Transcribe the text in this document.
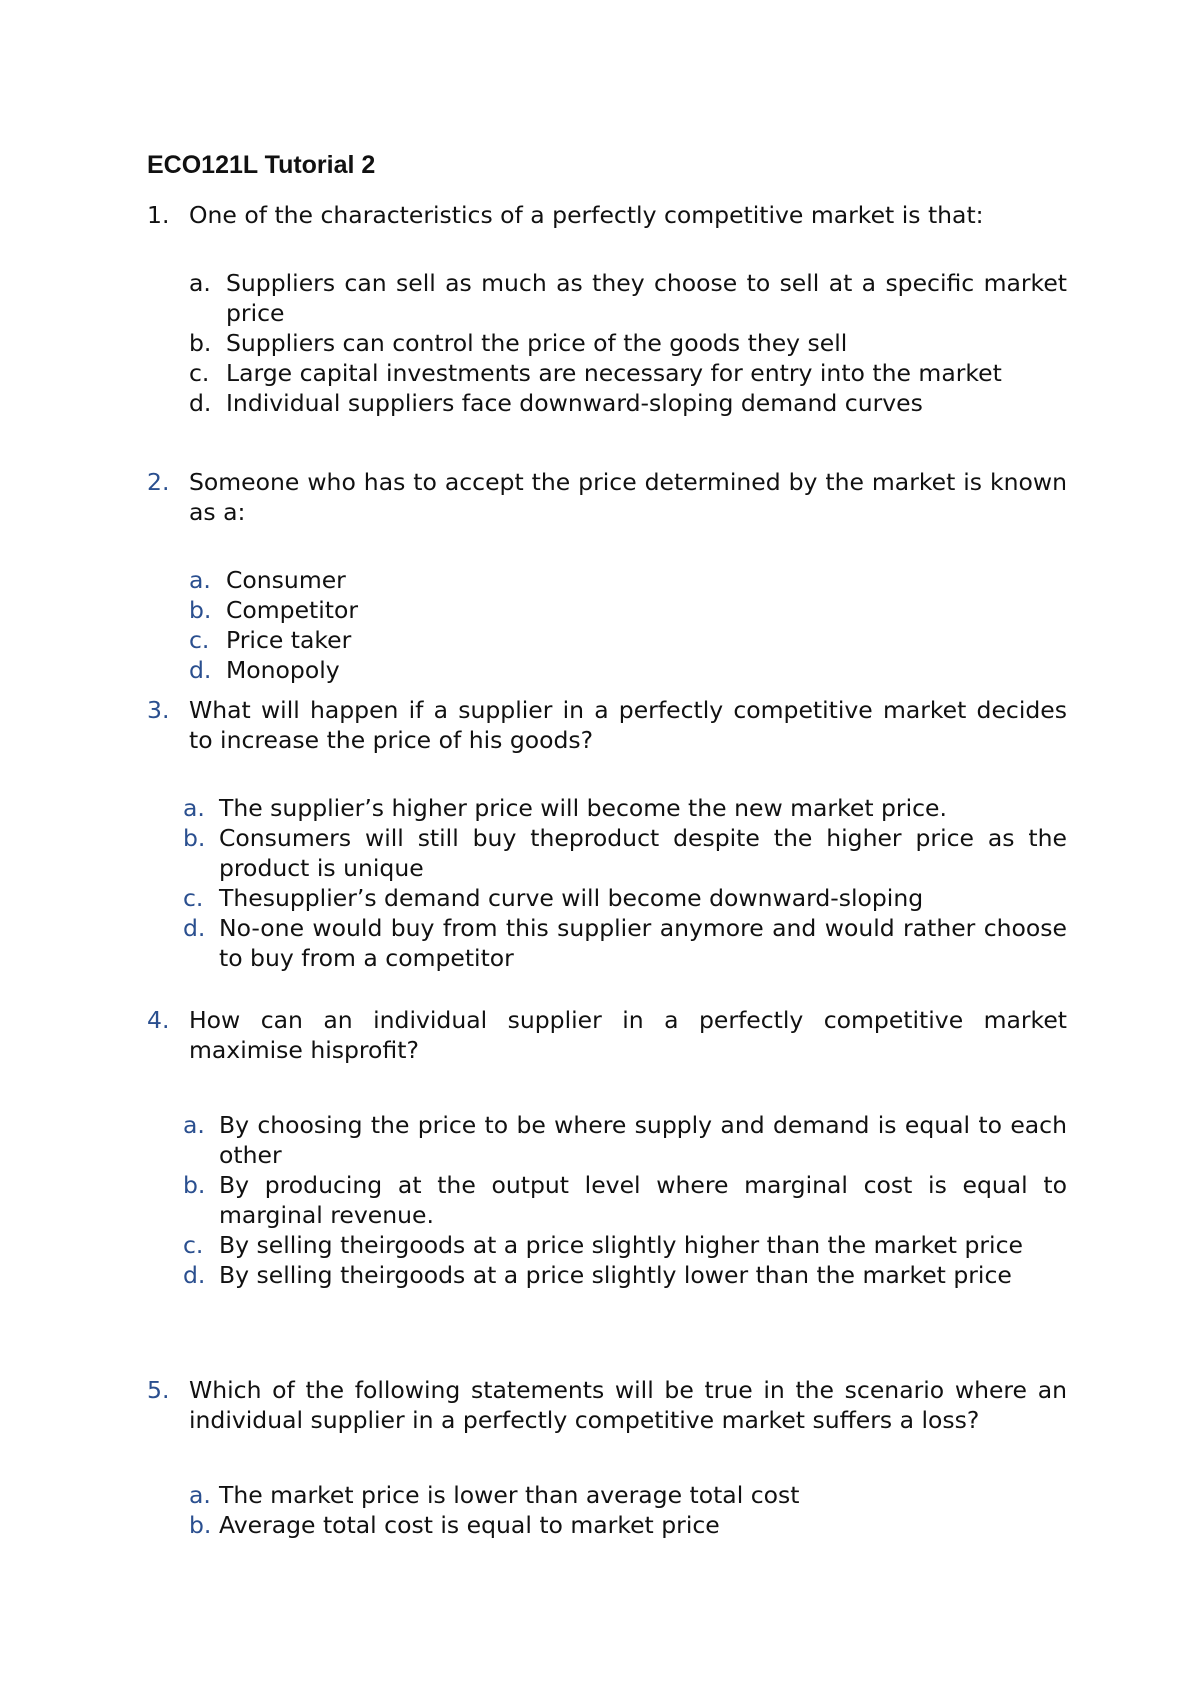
ECO121L Tutorial 2
1. One of the characteristics of a perfectly competitive market is that:
a. Suppliers can sell as much as they choose to sell at a specific market price
b. Suppliers can control the price of the goods they sell
c. Large capital investments are necessary for entry into the market
d. Individual suppliers face downward-sloping demand curves
2. Someone who has to accept the price determined by the market is known as a:
a. Consumer
b. Competitor
c. Price taker
d. Monopoly
3. What will happen if a supplier in a perfectly competitive market decides to increase the price of his goods?
a. The supplier’s higher price will become the new market price.
b. Consumers will still buy theproduct despite the higher price as the product is unique
c. Thesupplier’s demand curve will become downward-sloping
d. No-one would buy from this supplier anymore and would rather choose to buy from a competitor
4. How can an individual supplier in a perfectly competitive market maximise hisprofit?
a. By choosing the price to be where supply and demand is equal to each other
b. By producing at the output level where marginal cost is equal to marginal revenue.
c. By selling theirgoods at a price slightly higher than the market price
d. By selling theirgoods at a price slightly lower than the market price
5. Which of the following statements will be true in the scenario where an individual supplier in a perfectly competitive market suffers a loss?
a. The market price is lower than average total cost
b. Average total cost is equal to market price
